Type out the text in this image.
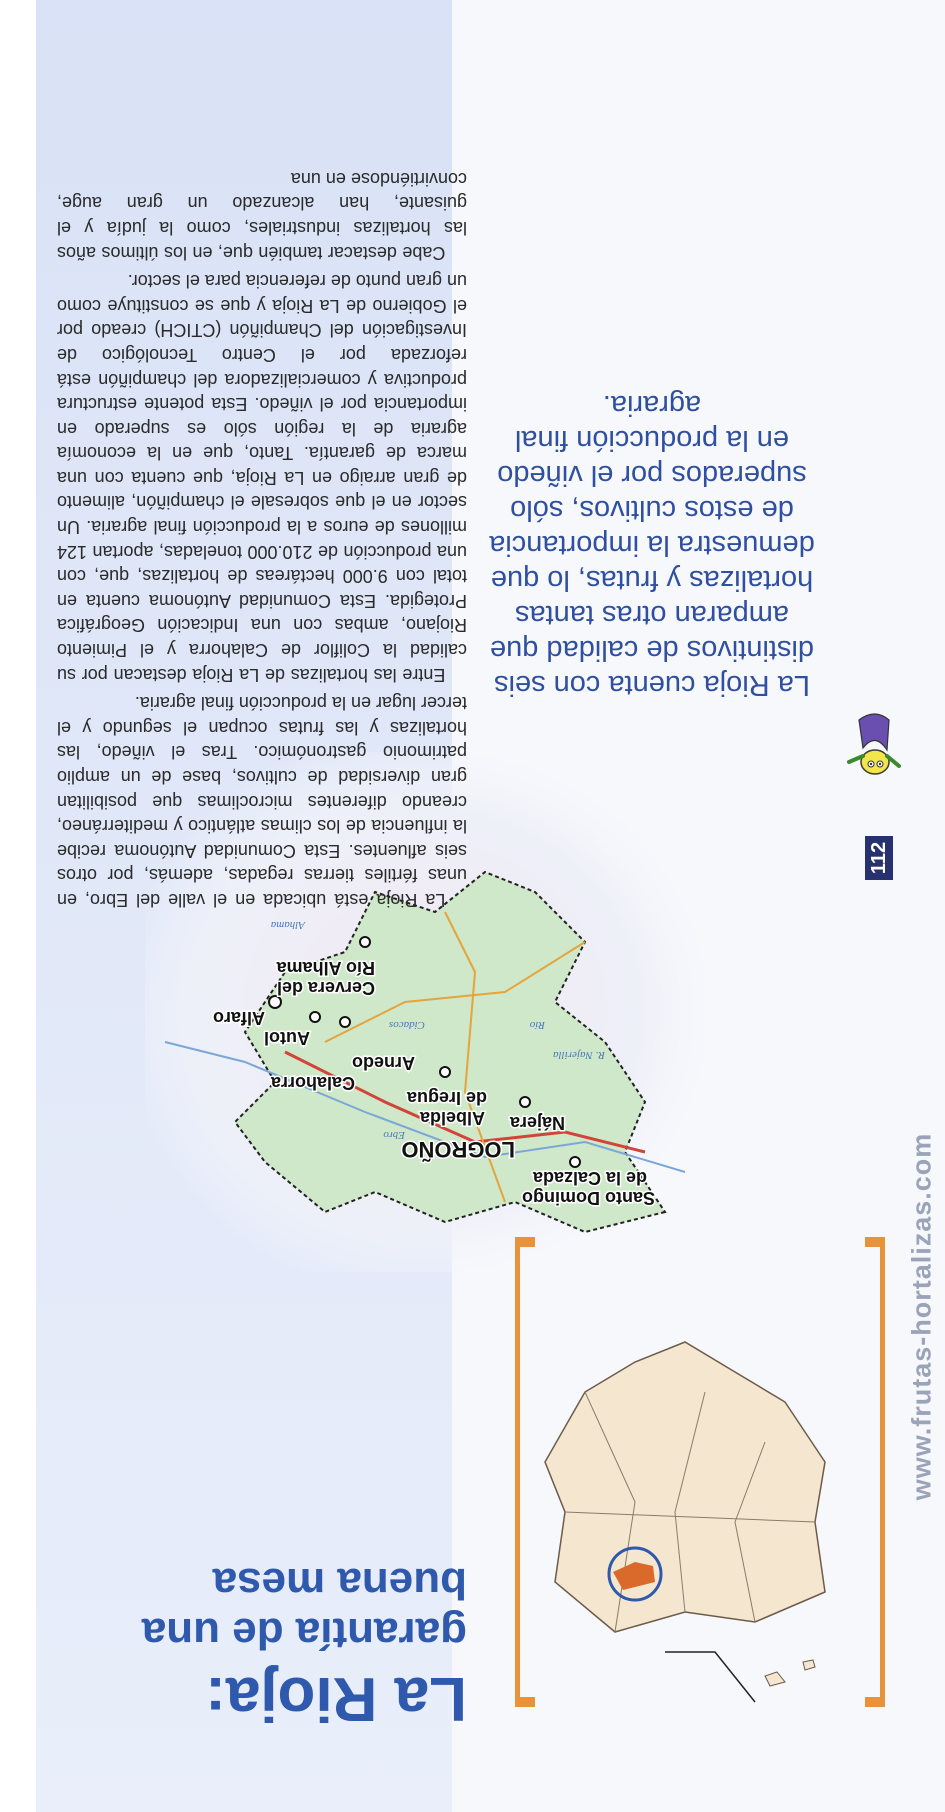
www.frutas-hortalizas.com
112

La Rioja cuenta con seis distintivos de calidad que amparan otras tantas hortalizas y frutas, lo que demuestra la importancia de estos cultivos, sólo superados por el viñedo en la producción final agraria.

Santo Domingo
de la Calzada
Nájera
LOGROÑO
Albelda
de Iregua
Arnedo
Calahorra
Autol
Alfaro
Cervera del
Río Alhama
Río
Ebro
Cidacos
Alhama
R. Najerilla
La Rioja:
garantía de una buena mesa

La Rioja está ubicada en el valle del Ebro, en unas fértiles tierras regadas, además, por otros seis afluentes. Esta Comunidad Autónoma recibe la influencia de los climas atlántico y mediterráneo, creando diferentes microclimas que posibilitan gran diversidad de cultivos, base de un amplio patrimonio gastronómico. Tras el viñedo, las hortalizas y las frutas ocupan el segundo y el tercer lugar en la producción final agraria.

Entre las hortalizas de La Rioja destacan por su calidad la Coliflor de Calahorra y el Pimiento Riojano, ambas con una Indicación Geográfica Protegida. Esta Comunidad Autónoma cuenta en total con 9.000 hectáreas de hortalizas, que, con una producción de 210.000 toneladas, aportan 124 millones de euros a la producción final agraria. Un sector en el que sobresale el champiñón, alimento de gran arraigo en La Rioja, que cuenta con una marca de garantía. Tanto, que en la economía agraria de la región sólo es superado en importancia por el viñedo. Esta potente estructura productiva y comercializadora del champiñón está reforzada por el Centro Tecnológico de Investigación del Champiñón (CTICH) creado por el Gobierno de La Rioja y que se constituye como un gran punto de referencia para el sector.

Cabe destacar también que, en los últimos años las hortalizas industriales, como la judía y el guisante, han alcanzado un gran auge, convirtiéndose en una
